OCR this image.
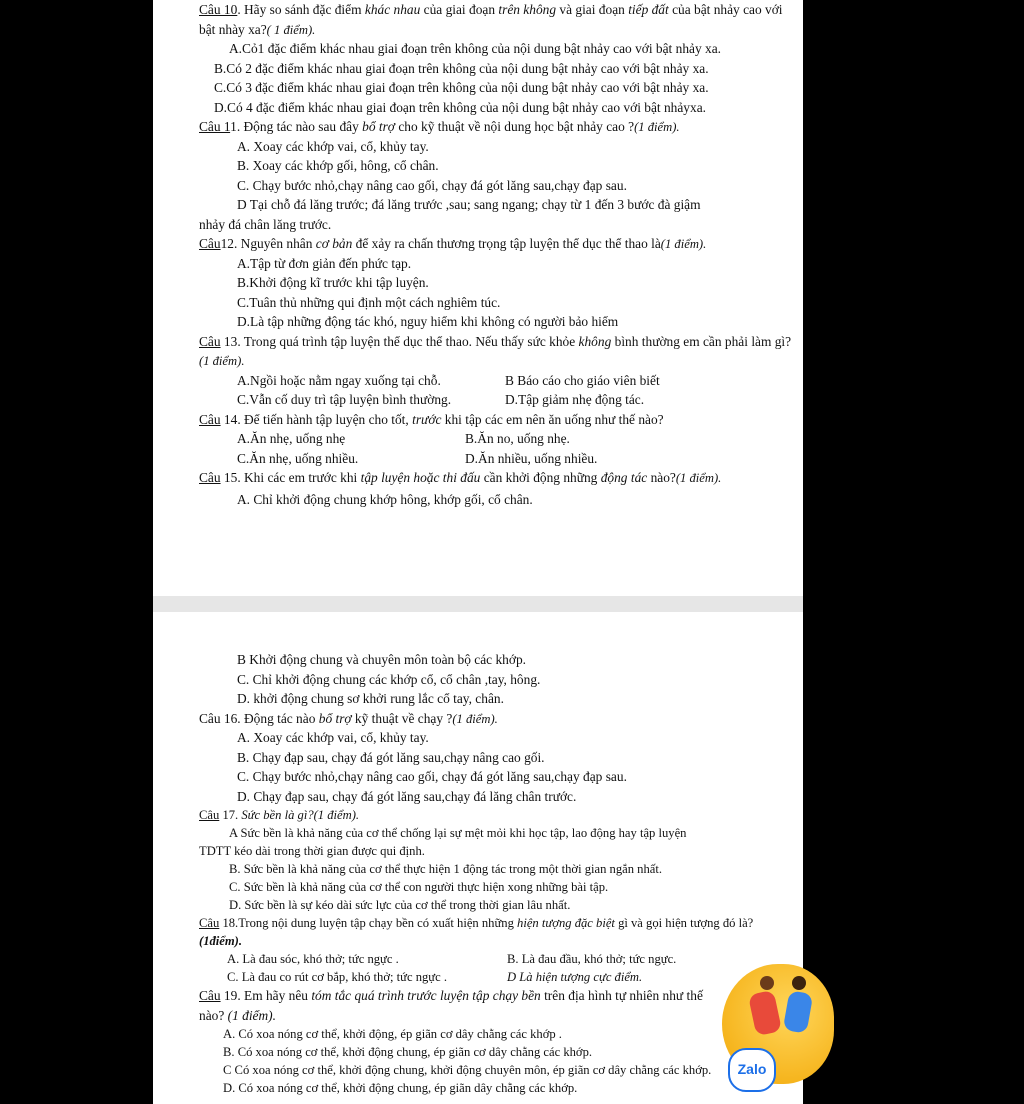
Câu 10. Hãy so sánh đặc điểm khác nhau của giai đoạn trên không và giai đoạn tiếp đất của bật nhảy cao với bật nhày xa?( 1 điểm).

A.Cỏ1 đặc điểm khác nhau giai đoạn trên không của nội dung bật nhảy cao với bật nhảy xa.

B.Có 2 đặc điểm khác nhau giai đoạn trên không của nội dung bật nhảy cao với bật nhảy xa.

C.Có 3 đặc điểm khác nhau giai đoạn trên không của nội dung bật nhảy cao với bật nhảy xa.

D.Có 4 đặc điểm khác nhau giai đoạn trên không của nội dung bật nhảy cao với bật nhảyxa.

Câu 11. Động tác nào sau đây bổ trợ cho kỹ thuật về nội dung học bật nhảy cao ?(1 điểm).

A. Xoay các khớp vai, cổ, khủy tay.

B. Xoay các khớp gối, hông, cổ chân.

C. Chạy bước nhỏ,chạy nâng cao gối, chạy đá gót lăng sau,chạy đạp sau.

D Tại chỗ đá lăng trước; đá lăng trước ,sau; sang ngang; chạy từ 1 đến 3 bước đà giậm

nhảy đá chân lăng trước.

Câu12. Nguyên nhân cơ bản để xảy ra chấn thương trọng tập luyện thể dục thể thao là(1 điểm).

A.Tập từ đơn giản đến phức tạp.

B.Khởi động kĩ trước khi tập luyện.

C.Tuân thủ những qui định một cách nghiêm túc.

D.Là tập những động tác khó, nguy hiểm khi không có người bảo hiểm

Câu 13. Trong quá trình tập luyện thể dục thể thao. Nếu thấy sức khỏe không bình thường em cần phải làm gì?(1 điểm).

A.Ngồi hoặc nằm ngay xuống tại chỗ.	B Báo cáo cho giáo viên biết
C.Vẫn cố duy trì tập luyện bình thường.	D.Tập giảm nhẹ động tác.

Câu 14. Để tiến hành tập luyện cho tốt, trước khi tập các em nên ăn uống như thế nào?

A.Ăn nhẹ, uống nhẹ	B.Ăn no, uống nhẹ.
C.Ăn nhẹ, uống nhiều.	D.Ăn nhiều, uống nhiều.

Câu 15. Khi các em trước khi tập luyện hoặc thi đấu cần khởi động những động tác nào?(1 điểm).

A. Chỉ khởi động chung khớp hông, khớp gối, cổ chân.

B Khởi động chung và chuyên môn toàn bộ các khớp.

C. Chỉ khởi động chung các khớp cổ, cổ chân ,tay, hông.

D. khởi động chung sơ khởi rung lắc cổ tay, chân.

Câu 16. Động tác nào bổ trợ kỹ thuật về chạy ?(1 điểm).

A. Xoay các khớp vai, cổ, khủy tay.

B. Chạy đạp sau, chạy đá gót lăng sau,chạy nâng cao gối.

C. Chạy bước nhỏ,chạy nâng cao gối, chạy đá gót lăng sau,chạy đạp sau.

D. Chạy đạp sau, chạy đá gót lăng sau,chạy đá lăng chân trước.

Câu 17. Sức bền là gì?(1 điểm).

A Sức bền là khả năng của cơ thể chống lại sự mệt mỏi khi học tập, lao động hay tập luyện

TDTT kéo dài trong thời gian được qui định.

B. Sức bền là khả năng của cơ thể thực hiện 1 động tác trong một thời gian ngắn nhất.

C. Sức bền là khả năng của cơ thể con người thực hiện xong những bài tập.

D. Sức bền là sự kéo dài sức lực của cơ thể trong thời gian lâu nhất.

Câu 18.Trong nội dung luyện tập chạy bền có xuất hiện những hiện tượng đặc biệt gì và gọi hiện tượng đó là? (1điểm).

A. Là đau sóc, khó thở; tức ngực .	B. Là đau đầu, khó thở; tức ngực.
C. Là đau co rút cơ bắp, khó thở; tức ngực .	D Là hiện tượng cực điểm.

Câu 19. Em hãy nêu tóm tắc quá trình trước luyện tập chạy bền trên địa hình tự nhiên như thế

nào? (1 điểm).

A. Có xoa nóng cơ thể, khởi động, ép giãn cơ dây chằng các khớp .

B. Có xoa nóng cơ thể, khởi động chung, ép giãn cơ dây chằng các khớp.

C Có xoa nóng cơ thể, khởi động chung, khởi động chuyên môn, ép giãn cơ dây chằng các khớp.

D. Có xoa nóng cơ thể, khởi động chung, ép giãn dây chằng các khớp.

Zalo
